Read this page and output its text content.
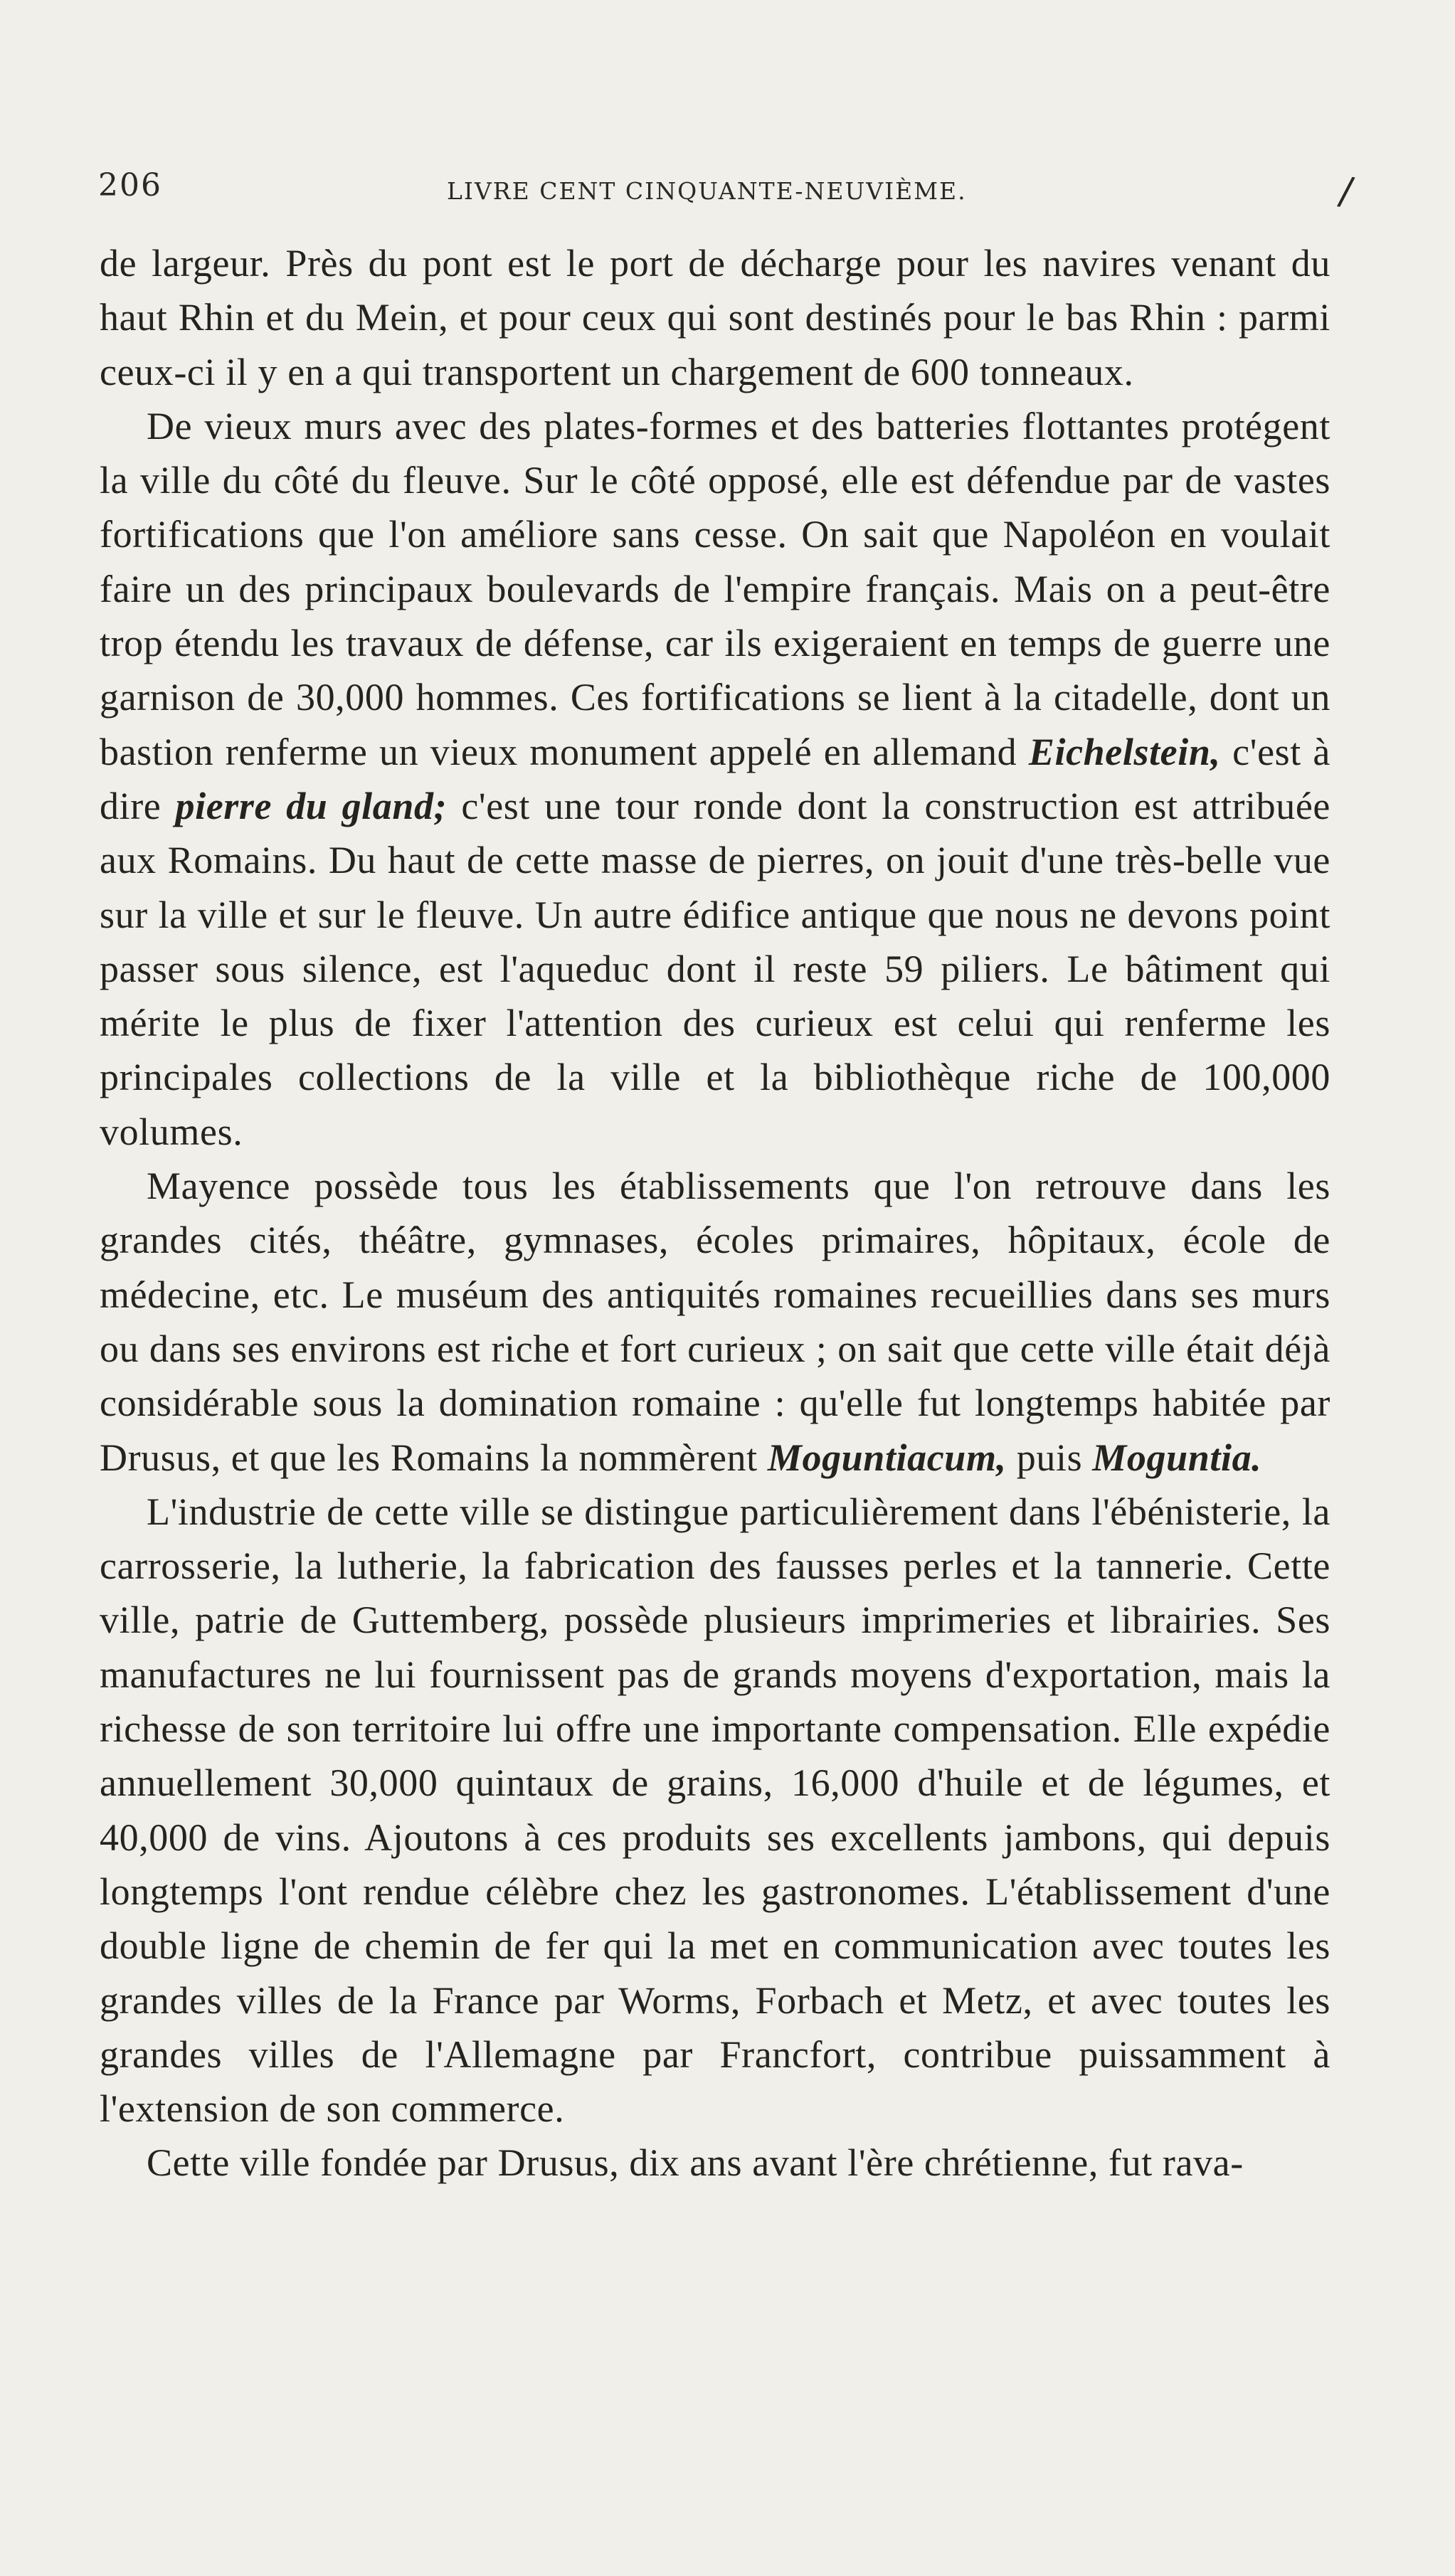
206	LIVRE CENT CINQUANTE-NEUVIÈME.	/

de largeur. Près du pont est le port de décharge pour les navires venant du haut Rhin et du Mein, et pour ceux qui sont destinés pour le bas Rhin : parmi ceux-ci il y en a qui transportent un chargement de 600 tonneaux.

De vieux murs avec des plates-formes et des batteries flottantes protégent la ville du côté du fleuve. Sur le côté opposé, elle est défendue par de vastes fortifications que l'on améliore sans cesse. On sait que Napoléon en voulait faire un des principaux boulevards de l'empire français. Mais on a peut-être trop étendu les travaux de défense, car ils exigeraient en temps de guerre une garnison de 30,000 hommes. Ces fortifications se lient à la citadelle, dont un bastion renferme un vieux monument appelé en allemand Eichelstein, c'est à dire pierre du gland; c'est une tour ronde dont la construction est attribuée aux Romains. Du haut de cette masse de pierres, on jouit d'une très-belle vue sur la ville et sur le fleuve. Un autre édifice antique que nous ne devons point passer sous silence, est l'aqueduc dont il reste 59 piliers. Le bâtiment qui mérite le plus de fixer l'attention des curieux est celui qui renferme les principales collections de la ville et la bibliothèque riche de 100,000 volumes.

Mayence possède tous les établissements que l'on retrouve dans les grandes cités, théâtre, gymnases, écoles primaires, hôpitaux, école de médecine, etc. Le muséum des antiquités romaines recueillies dans ses murs ou dans ses environs est riche et fort curieux ; on sait que cette ville était déjà considérable sous la domination romaine : qu'elle fut longtemps habitée par Drusus, et que les Romains la nommèrent Moguntiacum, puis Moguntia.

L'industrie de cette ville se distingue particulièrement dans l'ébénisterie, la carrosserie, la lutherie, la fabrication des fausses perles et la tannerie. Cette ville, patrie de Guttemberg, possède plusieurs imprimeries et librairies. Ses manufactures ne lui fournissent pas de grands moyens d'exportation, mais la richesse de son territoire lui offre une importante compensation. Elle expédie annuellement 30,000 quintaux de grains, 16,000 d'huile et de légumes, et 40,000 de vins. Ajoutons à ces produits ses excellents jambons, qui depuis longtemps l'ont rendue célèbre chez les gastronomes. L'établissement d'une double ligne de chemin de fer qui la met en communication avec toutes les grandes villes de la France par Worms, Forbach et Metz, et avec toutes les grandes villes de l'Allemagne par Francfort, contribue puissamment à l'extension de son commerce.

Cette ville fondée par Drusus, dix ans avant l'ère chrétienne, fut rava-
